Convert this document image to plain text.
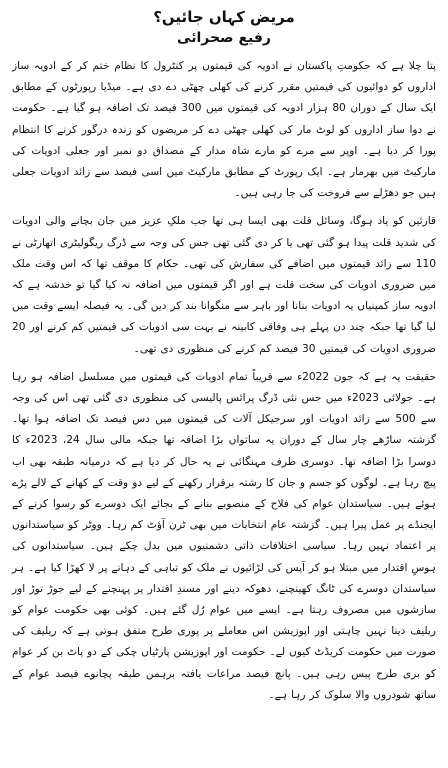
مریض کہاں جائیں؟
رفیع صحرائی

پتا چلا ہے کہ حکومتِ پاکستان نے ادویہ کی قیمتوں پر کنٹرول کا نظام ختم کر کے ادویہ ساز اداروں کو دوائیوں کی قیمتیں مقرر کرنے کی کھلی چھٹی دے دی ہے۔ میڈیا رپورٹوں کے مطابق ایک سال کے دوران 80 ہزار ادویہ کی قیمتوں میں 300 فیصد تک اضافہ ہو گیا ہے۔ حکومت نے دوا ساز اداروں کو لوٹ مار کی کھلی چھٹی دے کر مریضوں کو زندہ درگور کرنے کا انتظام پورا کر دیا ہے۔ اوپر سے مرے کو مارے شاہ مدار کے مصداق دو نمبر اور جعلی ادویات کی مارکیٹ میں بھرمار ہے۔ ایک رپورٹ کے مطابق مارکیٹ میں اسی فیصد سے زائد ادویات جعلی ہیں جو دھڑلے سے فروخت کی جا رہی ہیں۔

قارئین کو یاد ہوگا، وسائل قلت بھی ایسا ہی تھا جب ملکِ عزیز میں جان بچانے والی ادویات کی شدید قلت پیدا ہو گئی تھی یا کر دی گئی تھی جس کی وجہ سے ڈرگ ریگولیٹری اتھارٹی نے 110 سے زائد قیمتوں میں اضافے کی سفارش کی تھی۔ حکام کا موقف تھا کہ اس وقت ملک میں ضروری ادویات کی سخت قلت ہے اور اگر قیمتوں میں اضافہ نہ کیا گیا تو خدشہ ہے کہ ادویہ ساز کمپنیاں یہ ادویات بنانا اور باہر سے منگوانا بند کر دیں گی۔ یہ فیصلہ ایسے وقت میں لیا گیا تھا جبکہ چند دن پہلے ہی وفاقی کابینہ نے بہت سی ادویات کی قیمتیں کم کرنے اور 20 ضروری ادویات کی قیمتیں 30 فیصد کم کرنے کی منظوری دی تھی۔

حقیقت یہ ہے کہ جون 2022ء سے قریباً تمام ادویات کی قیمتوں میں مسلسل اضافہ ہو رہا ہے۔ جولائی 2023ء میں جس نئی ڈرگ پرائس پالیسی کی منظوری دی گئی تھی اس کی وجہ سے 500 سے زائد ادویات اور سرجیکل آلات کی قیمتوں میں دس فیصد تک اضافہ ہوا تھا۔ گزشتہ ساڑھے چار سال کے دوران یہ ساتواں بڑا اضافہ تھا جبکہ مالی سال 24، 2023ء کا دوسرا بڑا اضافہ تھا۔ دوسری طرف مہنگائی نے یہ حال کر دیا ہے کہ درمیانہ طبقہ بھی اب پیچ رہا ہے۔ لوگوں کو جسم و جان کا رشتہ برقرار رکھنے کے لیے دو وقت کے کھانے کے لالے پڑے ہوئے ہیں۔ سیاستدان عوام کی فلاح کے منصوبے بنانے کے بجائے ایک دوسرے کو رسوا کرنے کے ایجنڈے پر عمل پیرا ہیں۔ گزشتہ عام انتخابات میں بھی ٹرن آؤٹ کم رہا۔ ووٹر کو سیاستدانوں پر اعتماد نہیں رہا۔ سیاسی اختلافات ذاتی دشمنیوں میں بدل چکے ہیں۔ سیاستدانوں کی ہوسِ اقتدار میں مبتلا ہو کر آپس کی لڑائیوں نے ملک کو تباہی کے دہانے پر لا کھڑا کیا ہے۔ ہر سیاستدان دوسرے کی ٹانگ کھینچنے، دھوکہ دینے اور مسندِ اقتدار پر پہنچنے کے لیے جوڑ توڑ اور سازشوں میں مصروف رہتا ہے۔ ایسے میں عوام رُل گئے ہیں۔ کوئی بھی حکومت عوام کو ریلیف دینا نہیں چاہتی اور اپوزیشن اس معاملے پر پوری طرح متفق ہوتی ہے کہ ریلیف کی صورت میں حکومت کریڈٹ کیوں لے۔ حکومت اور اپوزیشن پارٹیاں چکی کے دو پاٹ بن کر عوام کو بری طرح پیس رہی ہیں۔ پانچ فیصد مراعات یافتہ برہمن طبقہ پچانوے فیصد عوام کے ساتھ شودروں والا سلوک کر رہا ہے۔
